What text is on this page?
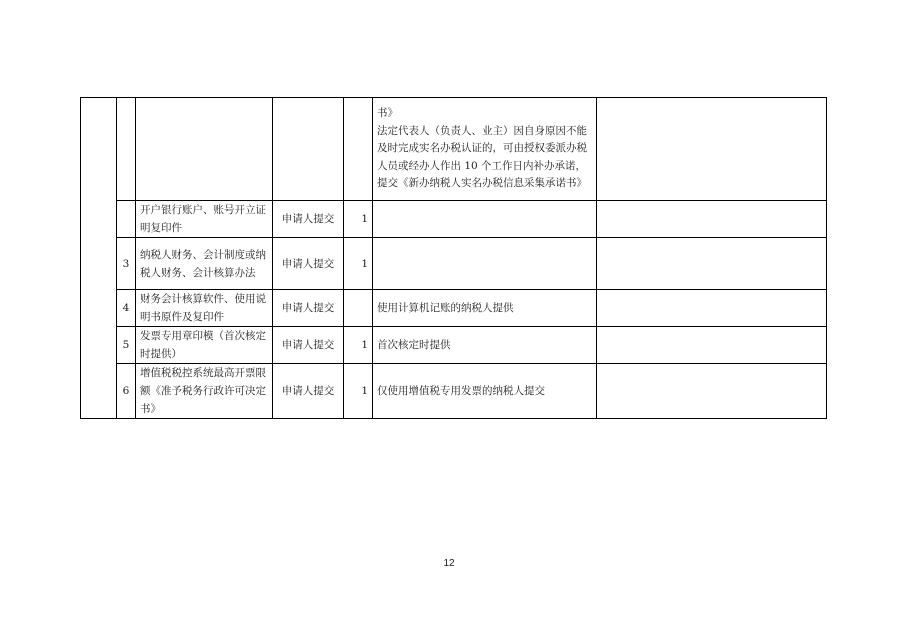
					书》
法定代表人（负责人、业主）因自身原因不能及时完成实名办税认证的，可由授权委派办税人员或经办人作出 10 个工作日内补办承诺，提交《新办纳税人实名办税信息采集承诺书》	
		开户银行账户、账号开立证明复印件	申请人提交	1		
	3	纳税人财务、会计制度或纳税人财务、会计核算办法	申请人提交	1		
	4	财务会计核算软件、使用说明书原件及复印件	申请人提交		使用计算机记账的纳税人提供	
	5	发票专用章印模（首次核定时提供）	申请人提交	1	首次核定时提供	
	6	增值税税控系统最高开票限额《准予税务行政许可决定书》	申请人提交	1	仅使用增值税专用发票的纳税人提交	
12
